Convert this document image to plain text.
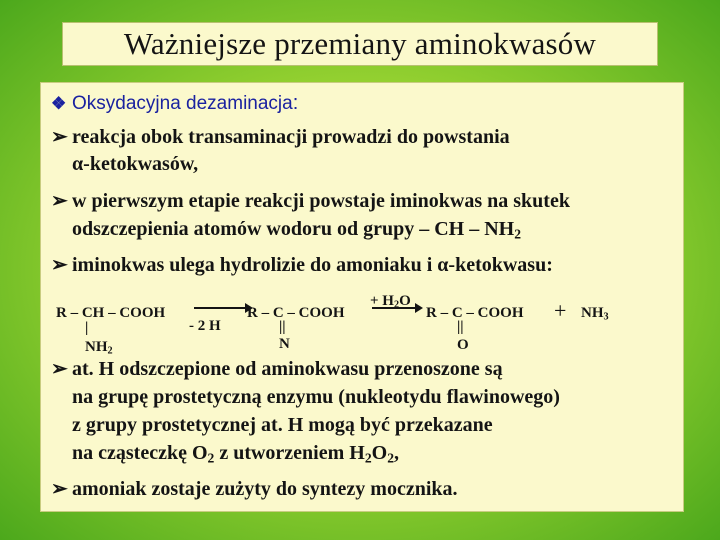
Ważniejsze przemiany aminokwasów
❖ Oksydacyjna dezaminacja:
➢ reakcja obok transaminacji prowadzi do powstania
α-ketokwasów,
➢ w pierwszym etapie reakcji powstaje iminokwas na skutek
odszczepienia atomów wodoru od grupy – CH – $NH_2$
➢ iminokwas ulega hydrolizie do amoniaku i α-ketokwasu:
R – CH – COOH
|
$NH_2$
- 2 H
R – C – COOH
||
N
+ $H_2O$
→ R – C – COOH
||
O
+ $NH_3$
➢ at. H odszczepione od aminokwasu przenoszone są
na grupę prostetyczną enzymu (nukleotydu flawinowego)
z grupy prostetycznej at. H mogą być przekazane
na cząsteczkę $O_2$ z utworzeniem $H_2O_2$,
➢ amoniak zostaje zużyty do syntezy mocznika.
